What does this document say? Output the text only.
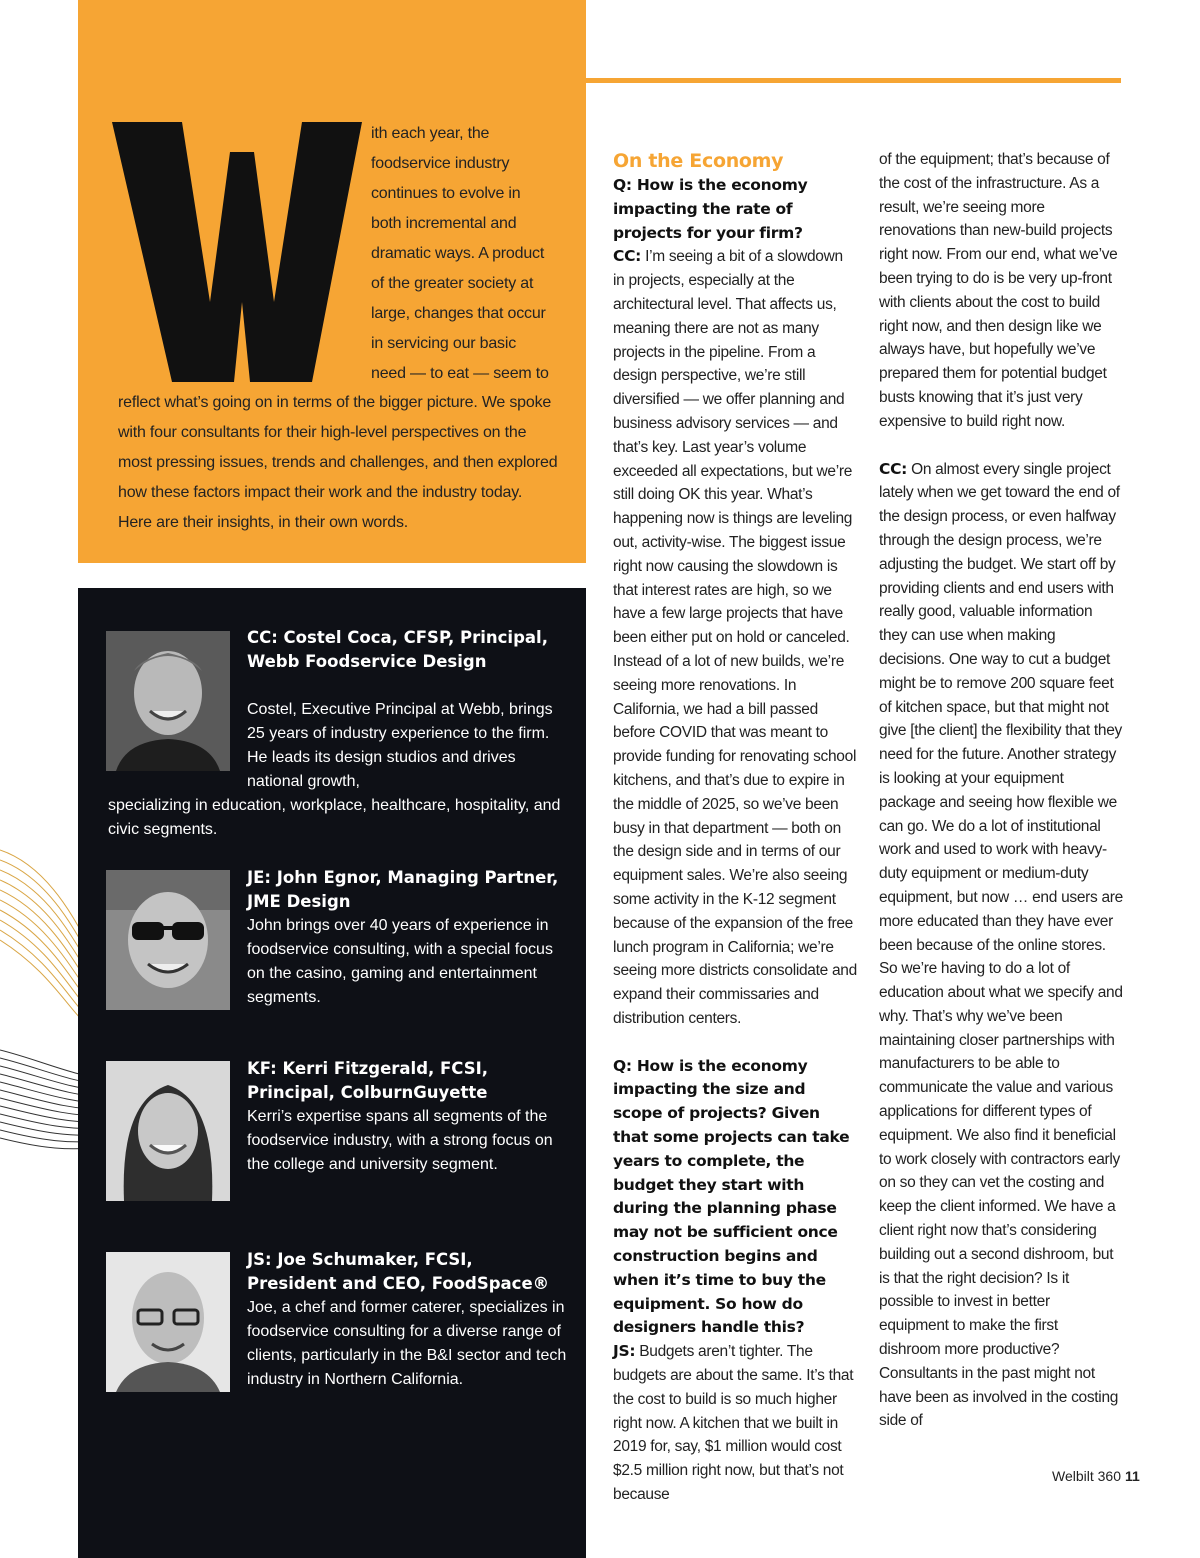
ith each year, the
foodservice industry
continues to evolve in
both incremental and
dramatic ways. A product
of the greater society at
large, changes that occur
in servicing our basic
need — to eat — seem to
reflect what’s going on in terms of the bigger picture. We spoke with four consultants for their high-level perspectives on the most pressing issues, trends and challenges, and then explored how these factors impact their work and the industry today. Here are their insights, in their own words.
CC: Costel Coca, CFSP, Principal, Webb Foodservice Design
Costel, Executive Principal at Webb, brings 25 years of industry experience to the firm. He leads its design studios and drives national growth,
specializing in education, workplace, healthcare, hospitality, and civic segments.
JE: John Egnor, Managing Partner, JME Design
John brings over 40 years of experience in foodservice consulting, with a special focus on the casino, gaming and entertainment segments.
KF: Kerri Fitzgerald, FCSI, Principal, ColburnGuyette
Kerri’s expertise spans all segments of the foodservice industry, with a strong focus on the college and university segment.
JS: Joe Schumaker, FCSI, President and CEO, FoodSpace®
Joe, a chef and former caterer, specializes in foodservice consulting for a diverse range of clients, particularly in the B&I sector and tech industry in Northern California.

On the Economy

Q: How is the economy impacting the rate of projects for your firm?

CC: I’m seeing a bit of a slowdown in projects, especially at the architectural level. That affects us, meaning there are not as many projects in the pipeline. From a design perspective, we’re still diversified — we offer planning and business advisory services — and that’s key. Last year’s volume exceeded all expectations, but we’re still doing OK this year. What’s happening now is things are leveling out, activity-wise. The biggest issue right now causing the slowdown is that interest rates are high, so we have a few large projects that have been either put on hold or canceled. Instead of a lot of new builds, we’re seeing more renovations. In California, we had a bill passed before COVID that was meant to provide funding for renovating school kitchens, and that’s due to expire in the middle of 2025, so we’ve been busy in that department — both on the design side and in terms of our equipment sales. We’re also seeing some activity in the K-12 segment because of the expansion of the free lunch program in California; we’re seeing more districts consolidate and expand their commissaries and distribution centers.

Q: How is the economy impacting the size and scope of projects? Given that some projects can take years to complete, the budget they start with during the planning phase may not be sufficient once construction begins and when it’s time to buy the equipment. So how do designers handle this?

JS: Budgets aren’t tighter. The budgets are about the same. It’s that the cost to build is so much higher right now. A kitchen that we built in 2019 for, say, $1 million would cost $2.5 million right now, but that’s not because

of the equipment; that’s because of the cost of the infrastructure. As a result, we’re seeing more renovations than new-build projects right now. From our end, what we’ve been trying to do is be very up-front with clients about the cost to build right now, and then design like we always have, but hopefully we’ve prepared them for potential budget busts knowing that it’s just very expensive to build right now.

CC: On almost every single project lately when we get toward the end of the design process, or even halfway through the design process, we’re adjusting the budget. We start off by providing clients and end users with really good, valuable information they can use when making decisions. One way to cut a budget might be to remove 200 square feet of kitchen space, but that might not give [the client] the flexibility that they need for the future. Another strategy is looking at your equipment package and seeing how flexible we can go. We do a lot of institutional work and used to work with heavy-duty equipment or medium-duty equipment, but now … end users are more educated than they have ever been because of the online stores. So we’re having to do a lot of education about what we specify and why. That’s why we’ve been maintaining closer partnerships with manufacturers to be able to communicate the value and various applications for different types of equipment. We also find it beneficial to work closely with contractors early on so they can vet the costing and keep the client informed. We have a client right now that’s considering building out a second dishroom, but is that the right decision? Is it possible to invest in better equipment to make the first dishroom more productive? Consultants in the past might not have been as involved in the costing side of

Welbilt 360 11
